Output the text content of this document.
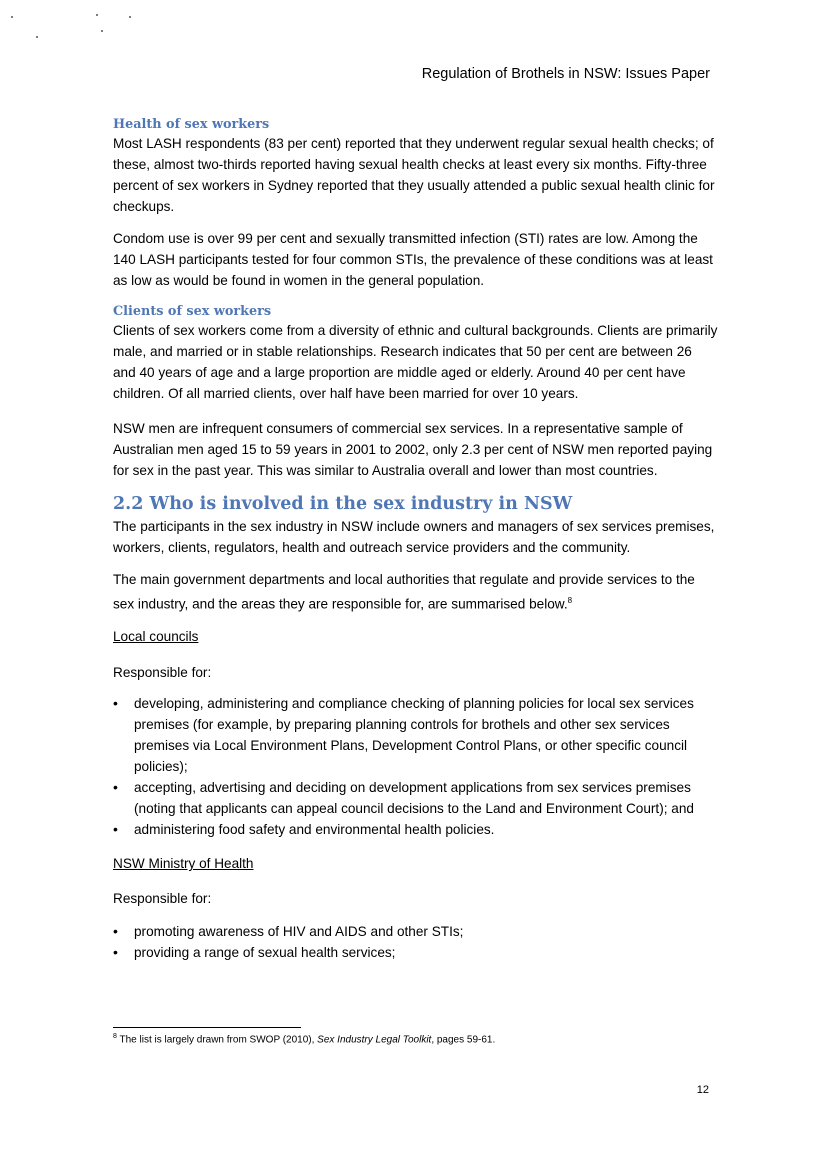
Regulation of Brothels in NSW: Issues Paper
Health of sex workers

Most LASH respondents (83 per cent) reported that they underwent regular sexual health checks; of these, almost two-thirds reported having sexual health checks at least every six months. Fifty-three percent of sex workers in Sydney reported that they usually attended a public sexual health clinic for checkups.

Condom use is over 99 per cent and sexually transmitted infection (STI) rates are low. Among the 140 LASH participants tested for four common STIs, the prevalence of these conditions was at least as low as would be found in women in the general population.

Clients of sex workers

Clients of sex workers come from a diversity of ethnic and cultural backgrounds. Clients are primarily male, and married or in stable relationships. Research indicates that 50 per cent are between 26 and 40 years of age and a large proportion are middle aged or elderly. Around 40 per cent have children. Of all married clients, over half have been married for over 10 years.

NSW men are infrequent consumers of commercial sex services. In a representative sample of Australian men aged 15 to 59 years in 2001 to 2002, only 2.3 per cent of NSW men reported paying for sex in the past year. This was similar to Australia overall and lower than most countries.

2.2 Who is involved in the sex industry in NSW

The participants in the sex industry in NSW include owners and managers of sex services premises, workers, clients, regulators, health and outreach service providers and the community.

The main government departments and local authorities that regulate and provide services to the sex industry, and the areas they are responsible for, are summarised below.$^8$

Local councils
Responsible for:
• developing, administering and compliance checking of planning policies for local sex services premises (for example, by preparing planning controls for brothels and other sex services premises via Local Environment Plans, Development Control Plans, or other specific council policies);
• accepting, advertising and deciding on development applications from sex services premises (noting that applicants can appeal council decisions to the Land and Environment Court); and
• administering food safety and environmental health policies.
NSW Ministry of Health
Responsible for:
• promoting awareness of HIV and AIDS and other STIs;
• providing a range of sexual health services;
$^8$ The list is largely drawn from SWOP (2010), Sex Industry Legal Toolkit, pages 59-61.
12
